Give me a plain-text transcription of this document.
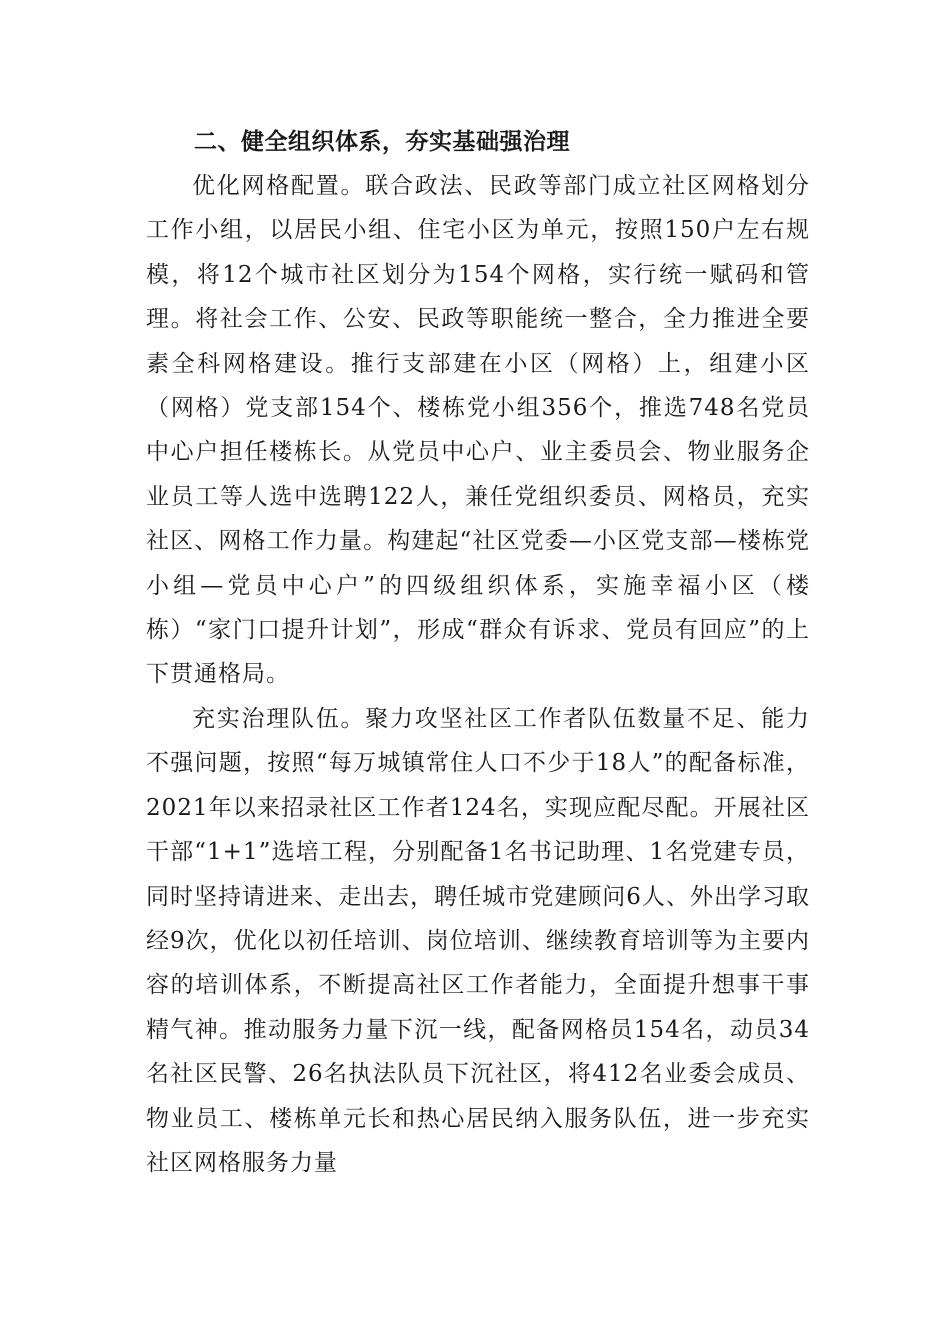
二、健全组织体系，夯实基础强治理

优化网格配置。联合政法、民政等部门成立社区网格划分工作小组，以居民小组、住宅小区为单元，按照150户左右规模，将12个城市社区划分为154个网格，实行统一赋码和管理。将社会工作、公安、民政等职能统一整合，全力推进全要素全科网格建设。推行支部建在小区（网格）上，组建小区（网格）党支部154个、楼栋党小组356个，推选748名党员中心户担任楼栋长。从党员中心户、业主委员会、物业服务企业员工等人选中选聘122人，兼任党组织委员、网格员，充实社区、网格工作力量。构建起“社区党委—小区党支部—楼栋党小组—党员中心户”的四级组织体系，实施幸福小区（楼栋）“家门口提升计划”，形成“群众有诉求、党员有回应”的上下贯通格局。

充实治理队伍。聚力攻坚社区工作者队伍数量不足、能力不强问题，按照“每万城镇常住人口不少于18人”的配备标准，2021年以来招录社区工作者124名，实现应配尽配。开展社区干部“1+1”选培工程，分别配备1名书记助理、1名党建专员，同时坚持请进来、走出去，聘任城市党建顾问6人、外出学习取经9次，优化以初任培训、岗位培训、继续教育培训等为主要内容的培训体系，不断提高社区工作者能力，全面提升想事干事精气神。推动服务力量下沉一线，配备网格员154名，动员34名社区民警、26名执法队员下沉社区，将412名业委会成员、物业员工、楼栋单元长和热心居民纳入服务队伍，进一步充实社区网格服务力量
